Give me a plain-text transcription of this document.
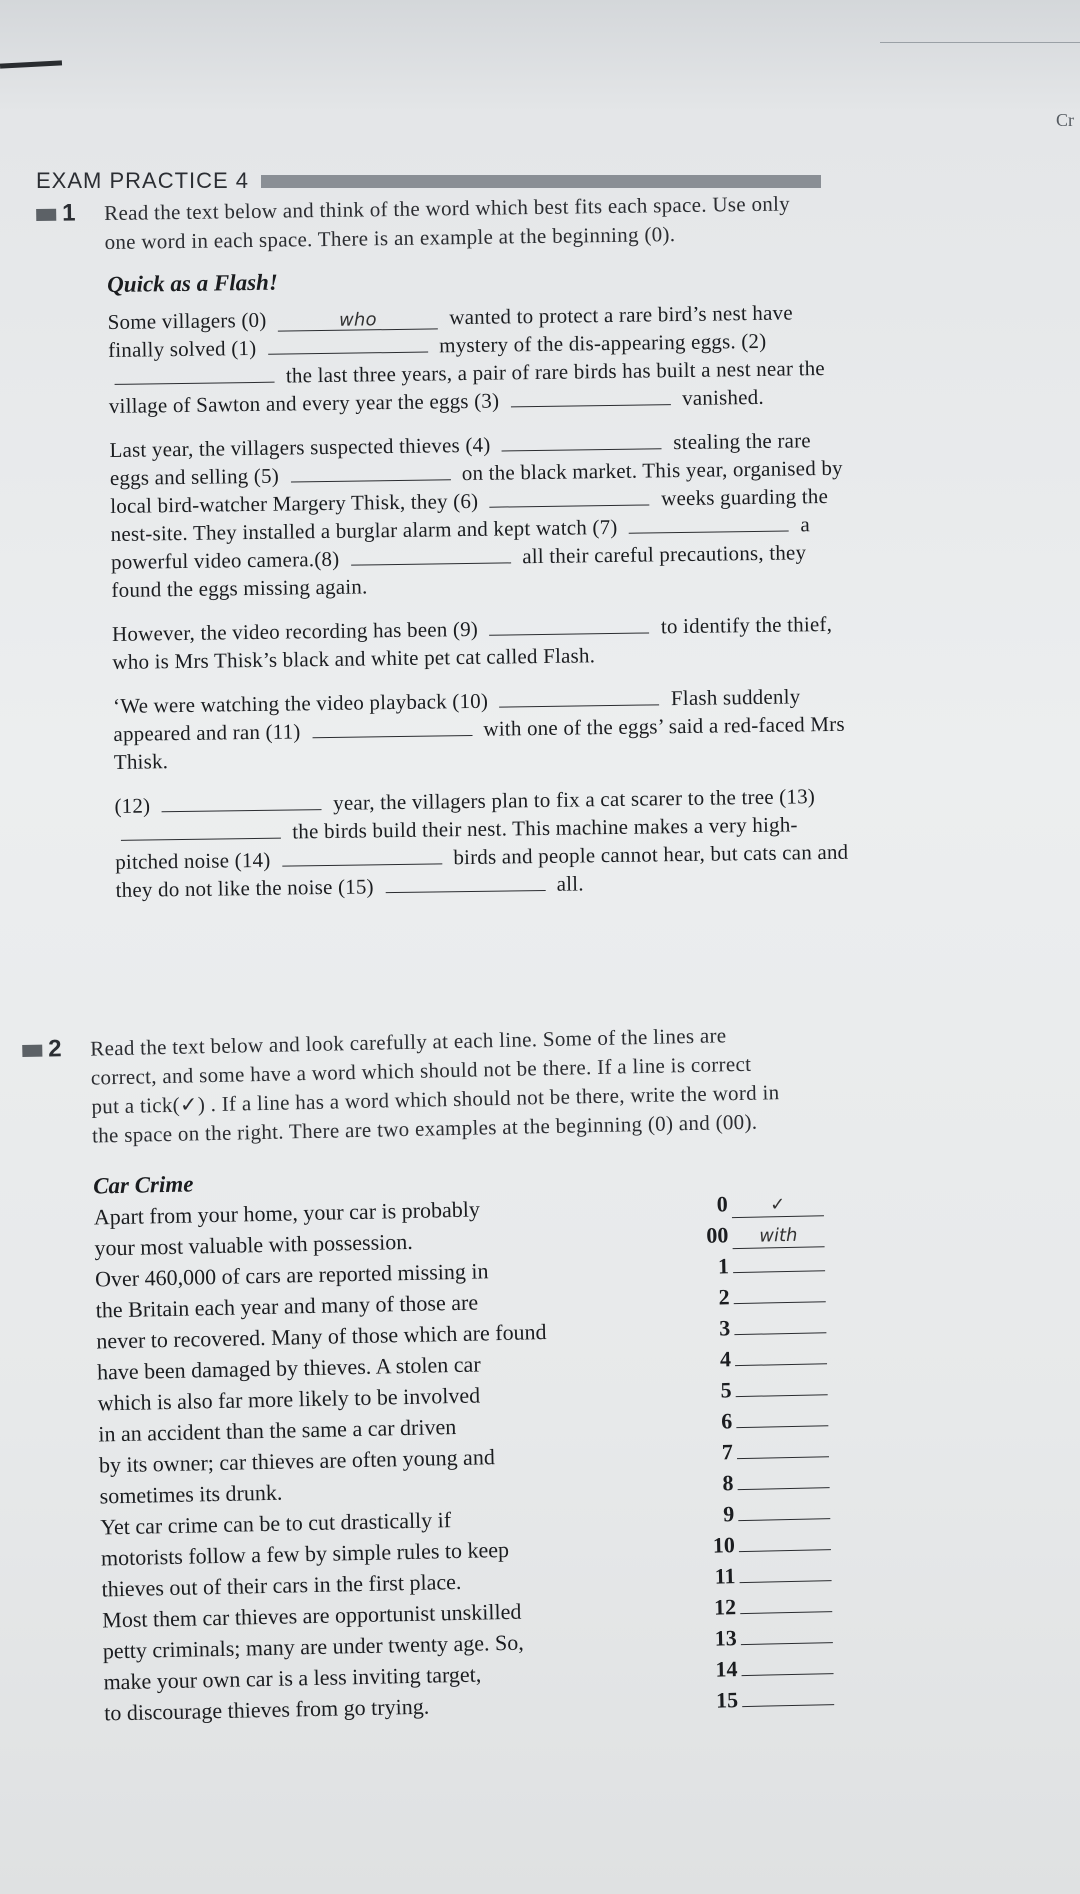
Cr
EXAM PRACTICE 4
1	Read the text below and think of the word which best fits each space. Use only one word in each space. There is an example at the beginning (0).
Quick as a Flash!
Some villagers (0)	who	wanted to protect a rare bird’s nest have finally solved (1)	mystery of the dis-appearing eggs. (2)  the last three years, a pair of rare birds has built a nest near the village of Sawton and every year the eggs (3)	vanished.
Last year, the villagers suspected thieves (4)	stealing the rare eggs and selling (5)	on the black market. This year, organised by local bird-watcher Margery Thisk, they (6)	weeks guarding the nest-site. They installed a burglar alarm and kept watch (7)	a powerful video camera.(8)	all their careful precautions, they found the eggs missing again.
However, the video recording has been (9)	to identify the thief, who is Mrs Thisk’s black and white pet cat called Flash.
‘We were watching the video playback (10)	Flash suddenly appeared and ran (11)	with one of the eggs’ said a red-faced Mrs Thisk.
(12)	year, the villagers plan to fix a cat scarer to the tree (13)  the birds build their nest. This machine makes a very high-pitched noise (14)	birds and people cannot hear, but cats can and they do not like the noise (15)	all.
2	Read the text below and look carefully at each line. Some of the lines are correct, and some have a word which should not be there. If a line is correct put a tick(✓) . If a line has a word which should not be there, write the word in the space on the right. There are two examples at the beginning (0) and (00).
Car Crime
Apart from your home, your car is probably	0	✓
your most valuable with possession.	00	with
Over 460,000 of cars are reported missing in	1
the Britain each year and many of those are	2
never to recovered. Many of those which are found	3
have been damaged by thieves. A stolen car	4
which is also far more likely to be involved	5
in an accident than the same a car driven	6
by its owner; car thieves are often young and	7
sometimes its drunk.	8
Yet car crime can be to cut drastically if	9
motorists follow a few by simple rules to keep	10
thieves out of their cars in the first place.	11
Most them car thieves are opportunist unskilled	12
petty criminals; many are under twenty age. So,	13
make your own car is a less inviting target,	14
to discourage thieves from go trying.	15
